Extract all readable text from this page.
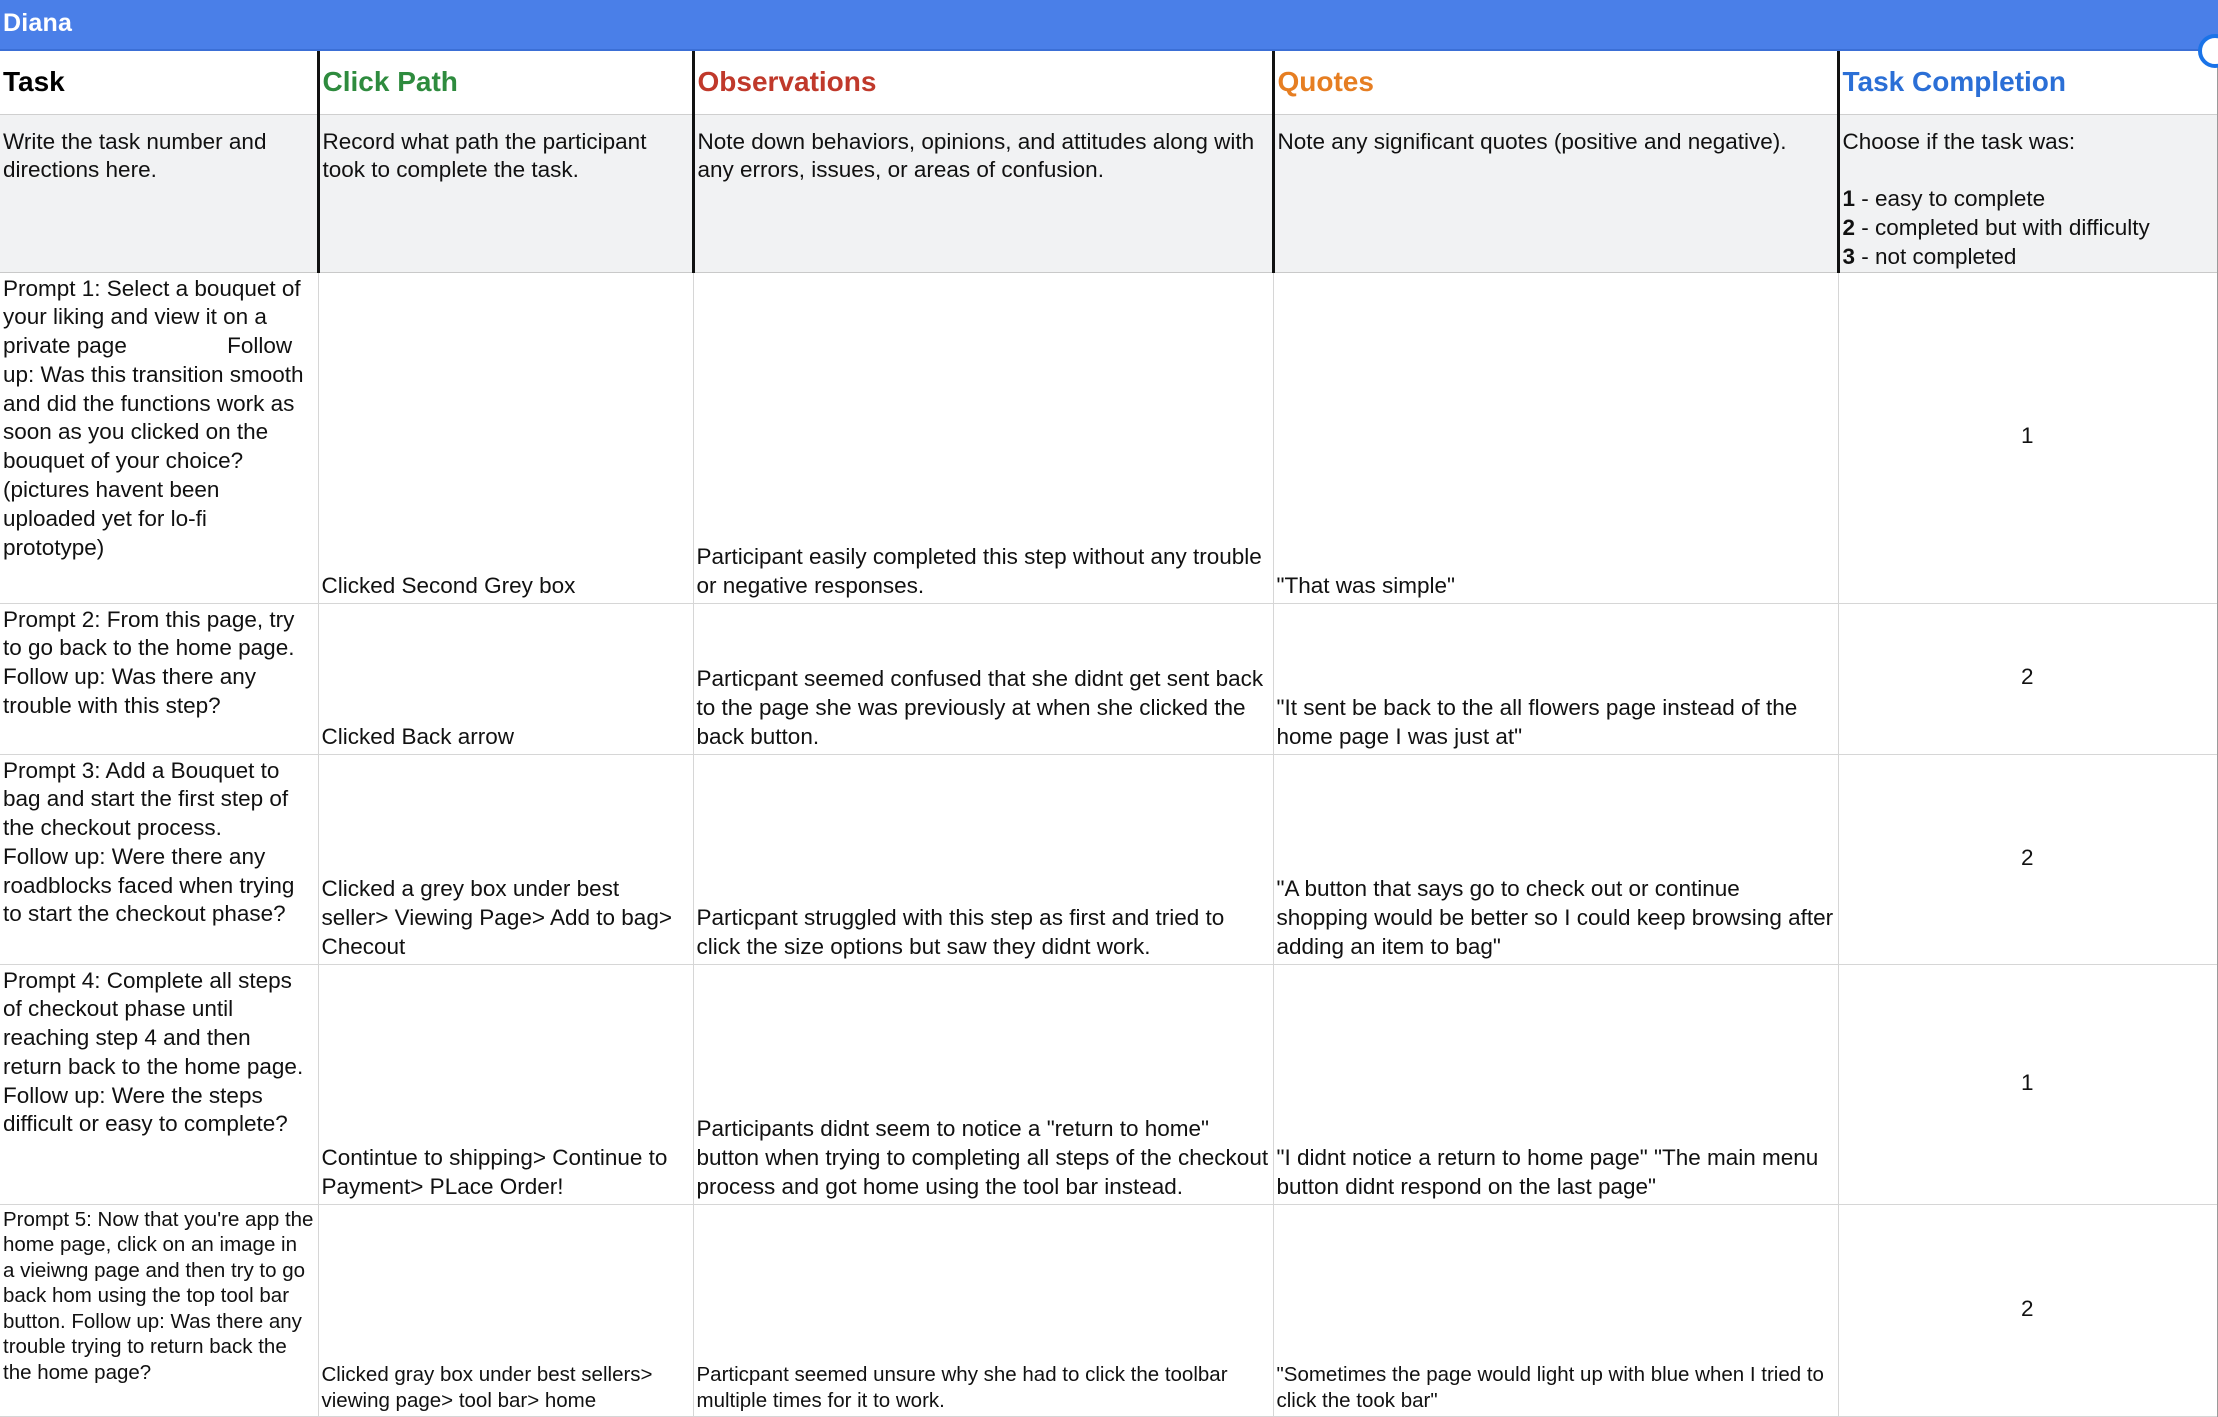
Diana
Task	Click Path	Observations	Quotes	Task Completion
Write the task number and directions here.	Record what path the participant took to complete the task.	Note down behaviors, opinions, and attitudes along with any errors, issues, or areas of confusion.	Note any significant quotes (positive and negative).	Choose if the task was:
1 - easy to complete
2 - completed but with difficulty
3 - not completed

Prompt 1: Select a bouquet of your liking and view it on a private page Follow up: Was this transition smooth and did the functions work as soon as you clicked on the bouquet of your choice? (pictures havent been uploaded yet for lo-fi prototype)	Clicked Second Grey box	Participant easily completed this step without any trouble or negative responses.	"That was simple"	1
Prompt 2: From this page, try to go back to the home page. Follow up: Was there any trouble with this step?	Clicked Back arrow	Particpant seemed confused that she didnt get sent back to the page she was previously at when she clicked the back button.	"It sent be back to the all flowers page instead of the home page I was just at"	2
Prompt 3: Add a Bouquet to bag and start the first step of the checkout process. Follow up: Were there any roadblocks faced when trying to start the checkout phase?	Clicked a grey box under best seller> Viewing Page> Add to bag> Checout	Particpant struggled with this step as first and tried to click the size options but saw they didnt work.	"A button that says go to check out or continue shopping would be better so I could keep browsing after adding an item to bag"	2
Prompt 4: Complete all steps of checkout phase until reaching step 4 and then return back to the home page. Follow up: Were the steps difficult or easy to complete?	Contintue to shipping> Continue to Payment> PLace Order!	Participants didnt seem to notice a "return to home" button when trying to completing all steps of the checkout process and got home using the tool bar instead.	"I didnt notice a return to home page" "The main menu button didnt respond on the last page"	1
Prompt 5: Now that you're app the home page, click on an image in a vieiwng page and then try to go back hom using the top tool bar button. Follow up: Was there any trouble trying to return back the the home page?	Clicked gray box under best sellers> viewing page> tool bar> home	Particpant seemed unsure why she had to click the toolbar multiple times for it to work.	"Sometimes the page would light up with blue when I tried to click the took bar"	2
